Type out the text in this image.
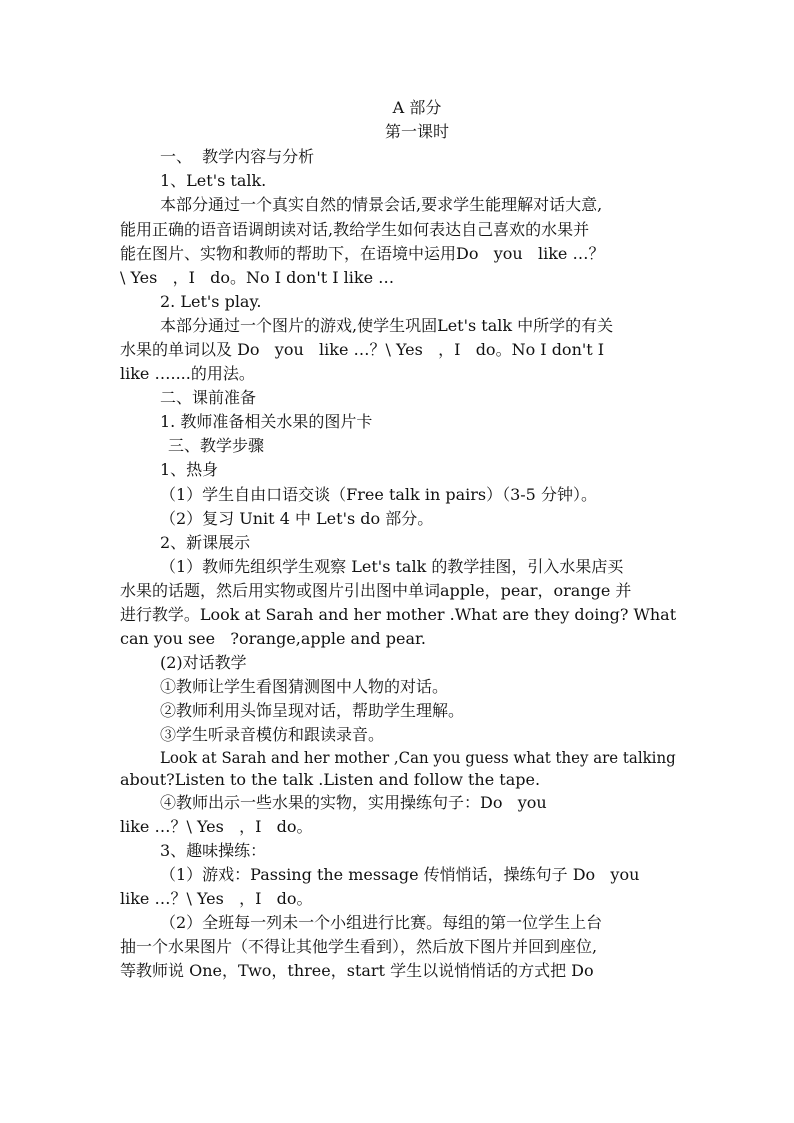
A 部分
第一课时
一、  教学内容与分析
1、Let's talk.
本部分通过一个真实自然的情景会话,要求学生能理解对话大意,
能用正确的语音语调朗读对话,教给学生如何表达自己喜欢的水果并
能在图片、实物和教师的帮助下，在语境中运用Do   you   like …？
\ Yes   ，I   do。No I don't I like …
2. Let's play.
本部分通过一个图片的游戏,使学生巩固Let's talk 中所学的有关
水果的单词以及 Do   you   like …？\ Yes   ，I   do。No I don't I
like …....的用法。
二、课前准备
1. 教师准备相关水果的图片卡
三、教学步骤
1、热身
（1）学生自由口语交谈（Free talk in pairs）（3-5 分钟）。
（2）复习 Unit 4 中 Let's do 部分。
2、新课展示
（1）教师先组织学生观察 Let's talk 的教学挂图，引入水果店买
水果的话题，然后用实物或图片引出图中单词apple，pear，orange 并
进行教学。Look at Sarah and her mother .What are they doing? What
can you see   ?orange,apple and pear.
(2)对话教学
①教师让学生看图猜测图中人物的对话。
②教师利用头饰呈现对话，帮助学生理解。
③学生听录音模仿和跟读录音。
Look at Sarah and her mother ,Can you guess what they are talking
about?Listen to the talk .Listen and follow the tape.
④教师出示一些水果的实物，实用操练句子：Do   you
like …？\ Yes   ，I   do。
3、趣味操练：
（1）游戏：Passing the message 传悄悄话，操练句子 Do   you
like …？\ Yes   ，I   do。
（2）全班每一列未一个小组进行比赛。每组的第一位学生上台
抽一个水果图片（不得让其他学生看到），然后放下图片并回到座位,
等教师说 One，Two，three，start 学生以说悄悄话的方式把 Do
